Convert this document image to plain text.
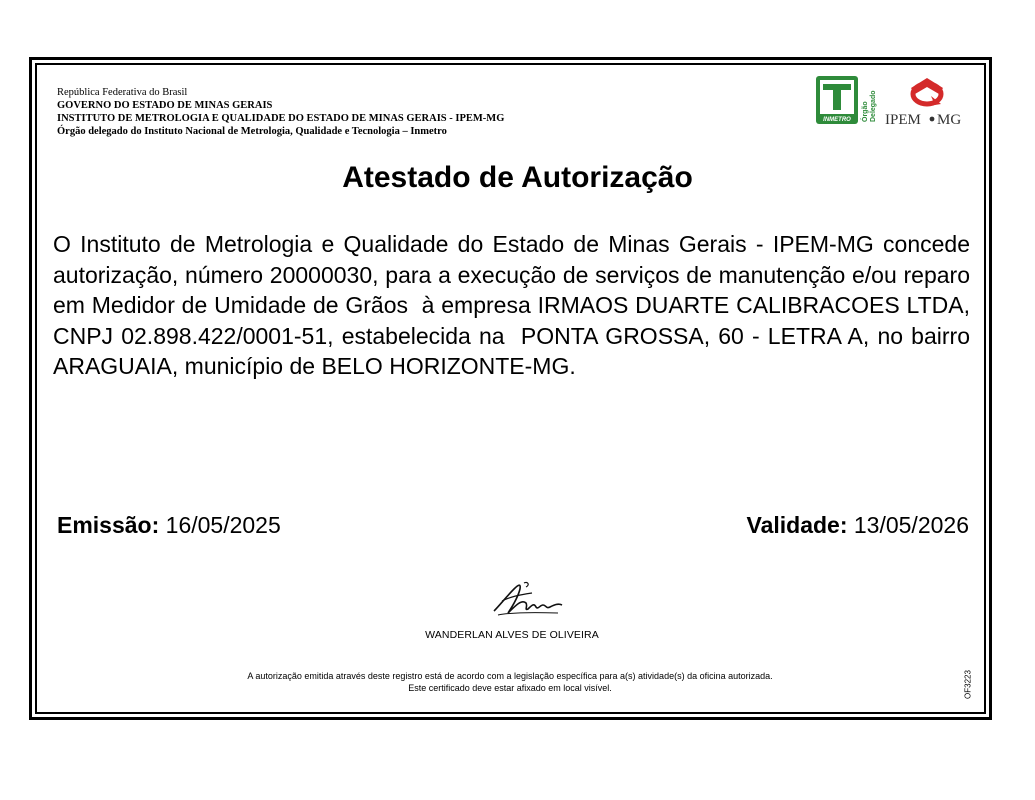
República Federativa do Brasil
GOVERNO DO ESTADO DE MINAS GERAIS
INSTITUTO DE METROLOGIA E QUALIDADE DO ESTADO DE MINAS GERAIS - IPEM-MG
Órgão delegado do Instituto Nacional de Metrologia, Qualidade e Tecnologia – Inmetro
INMETRO Órgão Delegado IPEM MG
Atestado de Autorização
O Instituto de Metrologia e Qualidade do Estado de Minas Gerais - IPEM-MG concede autorização, número 20000030, para a execução de serviços de manutenção e/ou reparo em Medidor de Umidade de Grãos  à empresa IRMAOS DUARTE CALIBRACOES LTDA, CNPJ 02.898.422/0001-51, estabelecida na  PONTA GROSSA, 60 - LETRA A, no bairro ARAGUAIA, município de BELO HORIZONTE-MG.
Emissão: 16/05/2025	Validade: 13/05/2026
WANDERLAN ALVES DE OLIVEIRA
A autorização emitida através deste registro está de acordo com a legislação específica para a(s) atividade(s) da oficina autorizada.
Este certificado deve estar afixado em local visível.	OF3223
